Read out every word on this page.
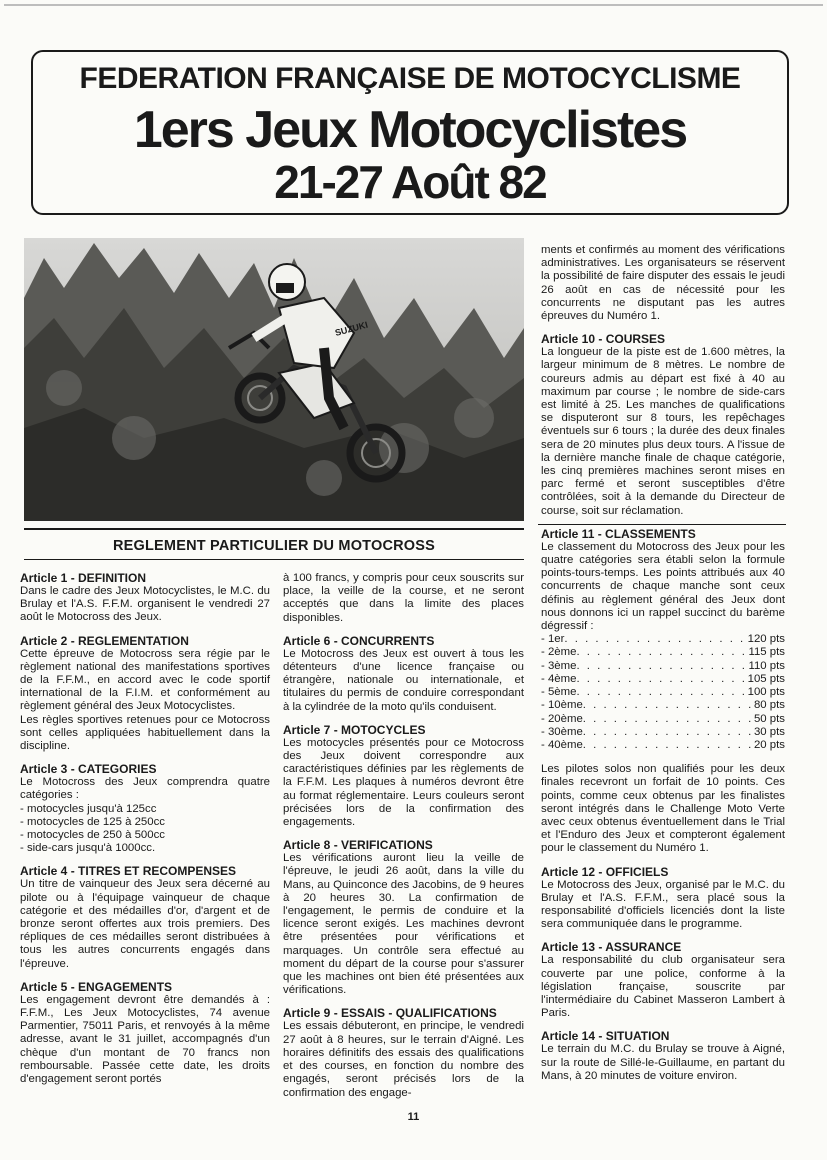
FEDERATION FRANÇAISE DE MOTOCYCLISME
1ers Jeux Motocyclistes
21-27 Août 82
SUZUKI
REGLEMENT PARTICULIER DU MOTOCROSS
Article 1 - DEFINITION

Dans le cadre des Jeux Motocyclistes, le M.C. du Brulay et l'A.S. F.F.M. organisent le vendredi 27 août le Motocross des Jeux.

Article 2 - REGLEMENTATION

Cette épreuve de Motocross sera régie par le règlement national des manifestations sportives de la F.F.M., en accord avec le code sportif international de la F.I.M. et conformément au règlement général des Jeux Motocyclistes.

Les règles sportives retenues pour ce Motocross sont celles appliquées habituellement dans la discipline.

Article 3 - CATEGORIES

Le Motocross des Jeux comprendra quatre catégories :

- motocycles jusqu'à 125cc
- motocycles de 125 à 250cc
- motocycles de 250 à 500cc
- side-cars jusqu'à 1000cc.
Article 4 - TITRES ET RECOMPENSES

Un titre de vainqueur des Jeux sera décerné au pilote ou à l'équipage vainqueur de chaque catégorie et des médailles d'or, d'argent et de bronze seront offertes aux trois premiers. Des répliques de ces médailles seront distribuées à tous les autres concurrents engagés dans l'épreuve.

Article 5 - ENGAGEMENTS

Les engagement devront être demandés à : F.F.M., Les Jeux Motocyclistes, 74 avenue Parmentier, 75011 Paris, et renvoyés à la même adresse, avant le 31 juillet, accompagnés d'un chèque d'un montant de 70 francs non remboursable. Passée cette date, les droits d'engagement seront portés

à 100 francs, y compris pour ceux souscrits sur place, la veille de la course, et ne seront acceptés que dans la limite des places disponibles.

Article 6 - CONCURRENTS

Le Motocross des Jeux est ouvert à tous les détenteurs d'une licence française ou étrangère, nationale ou internationale, et titulaires du permis de conduire correspondant à la cylindrée de la moto qu'ils conduisent.

Article 7 - MOTOCYCLES

Les motocycles présentés pour ce Motocross des Jeux doivent correspondre aux caractéristiques définies par les règlements de la F.F.M. Les plaques à numéros devront être au format réglementaire. Leurs couleurs seront précisées lors de la confirmation des engagements.

Article 8 - VERIFICATIONS

Les vérifications auront lieu la veille de l'épreuve, le jeudi 26 août, dans la ville du Mans, au Quinconce des Jacobins, de 9 heures à 20 heures 30. La confirmation de l'engagement, le permis de conduire et la licence seront exigés. Les machines devront être présentées pour vérifications et marquages. Un contrôle sera effectué au moment du départ de la course pour s'assurer que les machines ont bien été présentées aux vérifications.

Article 9 - ESSAIS - QUALIFICATIONS

Les essais débuteront, en principe, le vendredi 27 août à 8 heures, sur le terrain d'Aigné. Les horaires définitifs des essais des qualifications et des courses, en fonction du nombre des engagés, seront précisés lors de la confirmation des engage-

ments et confirmés au moment des vérifications administratives. Les organisateurs se réservent la possibilité de faire disputer des essais le jeudi 26 août en cas de nécessité pour les concurrents ne disputant pas les autres épreuves du Numéro 1.

Article 10 - COURSES

La longueur de la piste est de 1.600 mètres, la largeur minimum de 8 mètres. Le nombre de coureurs admis au départ est fixé à 40 au maximum par course ; le nombre de side-cars est limité à 25. Les manches de qualifications se disputeront sur 8 tours, les repêchages éventuels sur 6 tours ; la durée des deux finales sera de 20 minutes plus deux tours. A l'issue de la dernière manche finale de chaque catégorie, les cinq premières machines seront mises en parc fermé et seront susceptibles d'être contrôlées, soit à la demande du Directeur de course, soit sur réclamation.

Article 11 - CLASSEMENTS

Le classement du Motocross des Jeux pour les quatre catégories sera établi selon la formule points-tours-temps. Les points attribués aux 40 concurrents de chaque manche sont ceux définis au règlement général des Jeux dont nous donnons ici un rappel succinct du barème dégressif :

- 1er . . .	120 pts
- 2ème . . .	115 pts
- 3ème . . .	110 pts
- 4ème . . .	105 pts
- 5ème . . .	100 pts
- 10ème . . .	80 pts
- 20ème . . .	50 pts
- 30ème . . .	30 pts
- 40ème . . .	20 pts

Les pilotes solos non qualifiés pour les deux finales recevront un forfait de 10 points. Ces points, comme ceux obtenus par les finalistes seront intégrés dans le Challenge Moto Verte avec ceux obtenus éventuellement dans le Trial et l'Enduro des Jeux et compteront également pour le classement du Numéro 1.

Article 12 - OFFICIELS

Le Motocross des Jeux, organisé par le M.C. du Brulay et l'A.S. F.F.M., sera placé sous la responsabilité d'officiels licenciés dont la liste sera communiquée dans le programme.

Article 13 - ASSURANCE

La responsabilité du club organisateur sera couverte par une police, conforme à la législation française, souscrite par l'intermédiaire du Cabinet Masseron Lambert à Paris.

Article 14 - SITUATION

Le terrain du M.C. du Brulay se trouve à Aigné, sur la route de Sillé-le-Guillaume, en partant du Mans, à 20 minutes de voiture environ.

11
